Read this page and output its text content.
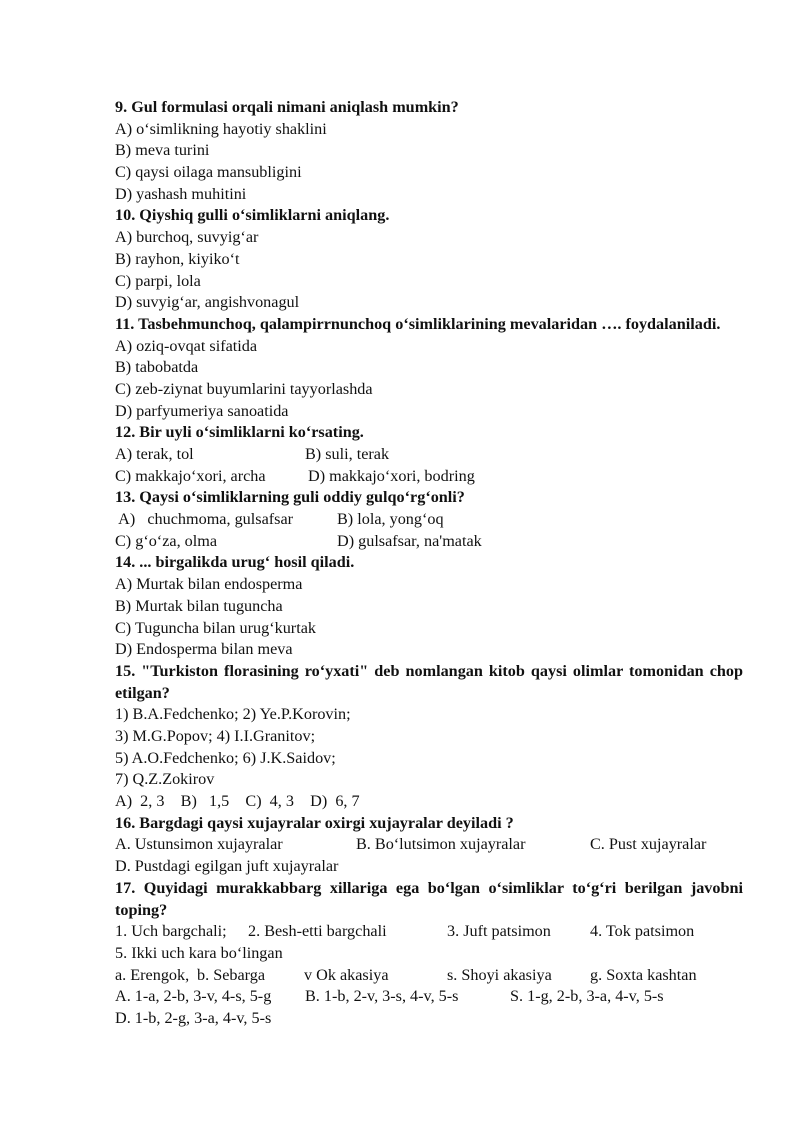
9. Gul formulasi orqali nimani aniqlash mumkin?
A) o‘simlikning hayotiy shaklini
B) meva turini
C) qaysi oilaga mansubligini
D) yashash muhitini
10. Qiyshiq gulli o‘simliklarni aniqlang.
A) burchoq, suvyig‘ar
B) rayhon, kiyiko‘t
C) parpi, lola
D) suvyig‘ar, angishvonagul
11. Tasbehmunchoq, qalampirrnunchoq o‘simliklarining mevalaridan …. foydalaniladi.
A) oziq-ovqat sifatida
B) tabobatda
C) zeb-ziynat buyumlarini tayyorlashda
D) parfyumeriya sanoatida
12. Bir uyli o‘simliklarni ko‘rsating.
A) terak, tol	B) suli, terak
C) makkajo‘xori, archa	D) makkajo‘xori, bodring
13. Qaysi o‘simliklarning guli oddiy gulqo‘rg‘onli?
A)   chuchmoma, gulsafsar	B) lola, yong‘oq
C) g‘o‘za, olma	D) gulsafsar, na'matak
14. ... birgalikda urug‘ hosil qiladi.
A) Murtak bilan endosperma
B) Murtak bilan tuguncha
C) Tuguncha bilan urug‘kurtak
D) Endosperma bilan meva
15. "Turkiston florasining ro‘yxati" deb nomlangan kitob qaysi olimlar tomonidan chop etilgan?
1) B.A.Fedchenko; 2) Ye.P.Korovin;
3) M.G.Popov; 4) I.I.Granitov;
5) A.O.Fedchenko; 6) J.K.Saidov;
7) Q.Z.Zokirov
A)  2, 3    B)   1,5    C)  4, 3    D)  6, 7
16. Bargdagi qaysi xujayralar oxirgi xujayralar deyiladi ?
A. Ustunsimon xujayralar	B. Bo‘lutsimon xujayralar	C. Pust xujayralar
D. Pustdagi egilgan juft xujayralar
17. Quyidagi murakkabbarg xillariga ega bo‘lgan o‘simliklar to‘g‘ri berilgan javobni toping?
1. Uch bargchali; 2. Besh-etti bargchali	3. Juft patsimon 4. Tok patsimon
5. Ikki uch kara bo‘lingan
a. Erengok, b. Sebarga v Ok akasiya	s. Shoyi akasiya g. Soxta kashtan
A. 1-a, 2-b, 3-v, 4-s, 5-g B. 1-b, 2-v, 3-s, 4-v, 5-s	S. 1-g, 2-b, 3-a, 4-v, 5-s
D. 1-b, 2-g, 3-a, 4-v, 5-s
